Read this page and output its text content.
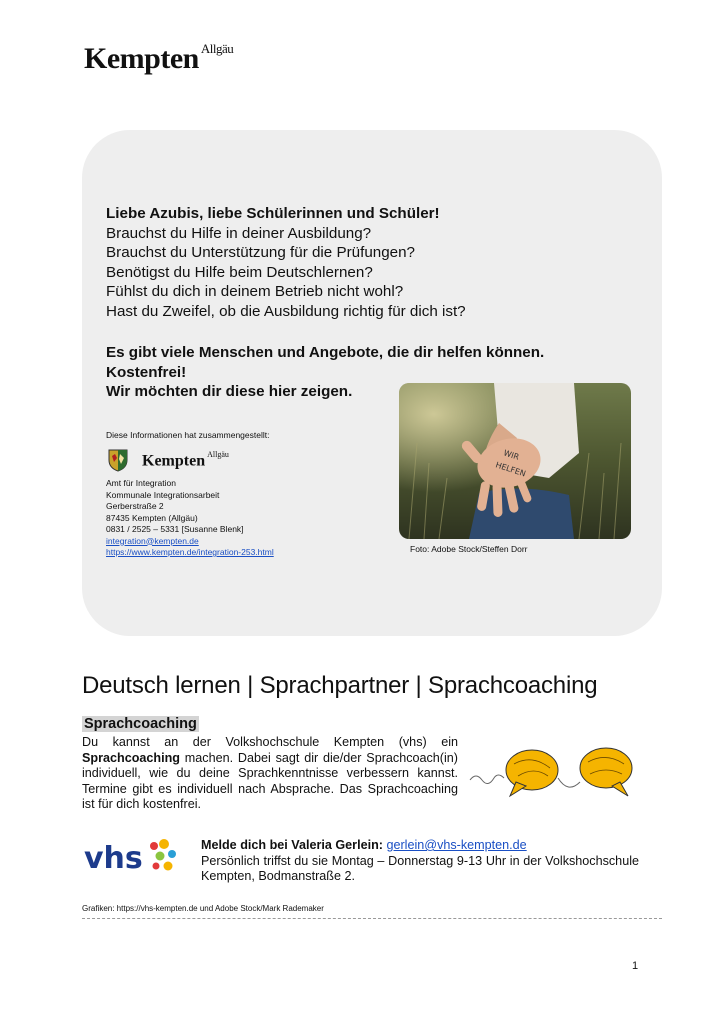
Kempten $^{Allgäu}$
Liebe Azubis, liebe Schülerinnen und Schüler!
Brauchst du Hilfe in deiner Ausbildung?
Brauchst du Unterstützung für die Prüfungen?
Benötigst du Hilfe beim Deutschlernen?
Fühlst du dich in deinem Betrieb nicht wohl?
Hast du Zweifel, ob die Ausbildung richtig für dich ist?
Es gibt viele Menschen und Angebote, die dir helfen können.
Kostenfrei!
Wir möchten dir diese hier zeigen.
WIR
HELFEN
Foto: Adobe Stock/Steffen Dorr
Diese Informationen hat zusammengestellt:
Kempten $^{Allgäu}$
Amt für Integration
Kommunale Integrationsarbeit
Gerberstraße 2
87435 Kempten (Allgäu)
0831 / 2525 – 5331 [Susanne Blenk]
integration@kempten.de
https://www.kempten.de/integration-253.html
Deutsch lernen | Sprachpartner | Sprachcoaching
Sprachcoaching
Du kannst an der Volkshochschule Kempten (vhs) ein Sprachcoaching machen. Dabei sagt dir die/der Sprachcoach(in) individuell, wie du deine Sprachkenntnisse verbessern kannst. Termine gibt es individuell nach Absprache. Das Sprachcoaching ist für dich kostenfrei.
vhs	Melde dich bei Valeria Gerlein: gerlein@vhs-kempten.de
Persönlich triffst du sie Montag – Donnerstag 9-13 Uhr in der Volkshochschule Kempten, Bodmanstraße 2.
Grafiken: https://vhs-kempten.de und Adobe Stock/Mark Rademaker
1
